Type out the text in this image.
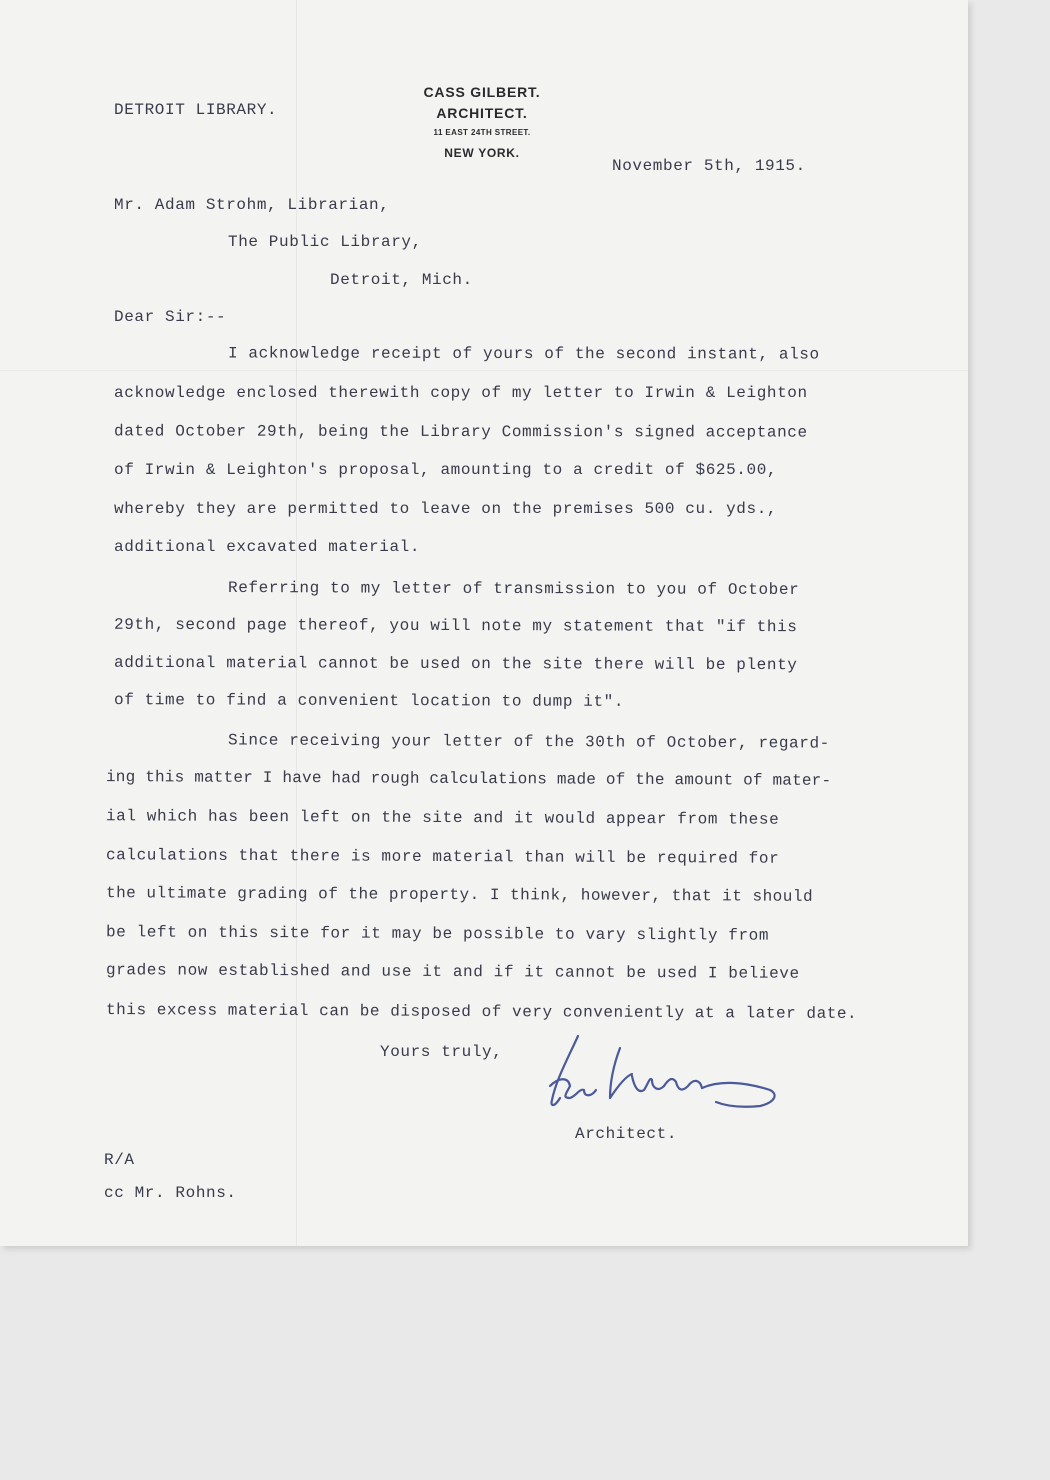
CASS GILBERT.

ARCHITECT.

11 EAST 24TH STREET.

NEW YORK.

DETROIT LIBRARY.

November 5th, 1915.

Mr. Adam Strohm, Librarian,

The Public Library,

Detroit, Mich.

Dear Sir:--

I acknowledge receipt of yours of the second instant, also

acknowledge enclosed therewith copy of my letter to Irwin & Leighton

dated October 29th, being the Library Commission's signed acceptance

of Irwin & Leighton's proposal, amounting to a credit of $625.00,

whereby they are permitted to leave on the premises 500 cu. yds.,

additional excavated material.

Referring to my letter of transmission to you of October

29th, second page thereof, you will note my statement that "if this

additional material cannot be used on the site there will be plenty

of time to find a convenient location to dump it".

Since receiving your letter of the 30th of October, regard-

ing this matter I have had rough calculations made of the amount of mater-

ial which has been left on the site and it would appear from these

calculations that there is more material than will be required for

the ultimate grading of the property. I think, however, that it should

be left on this site for it may be possible to vary slightly from

grades now established and use it and if it cannot be used I believe

this excess material can be disposed of very conveniently at a later date.

Yours truly,

Architect.

R/A

cc Mr. Rohns.
